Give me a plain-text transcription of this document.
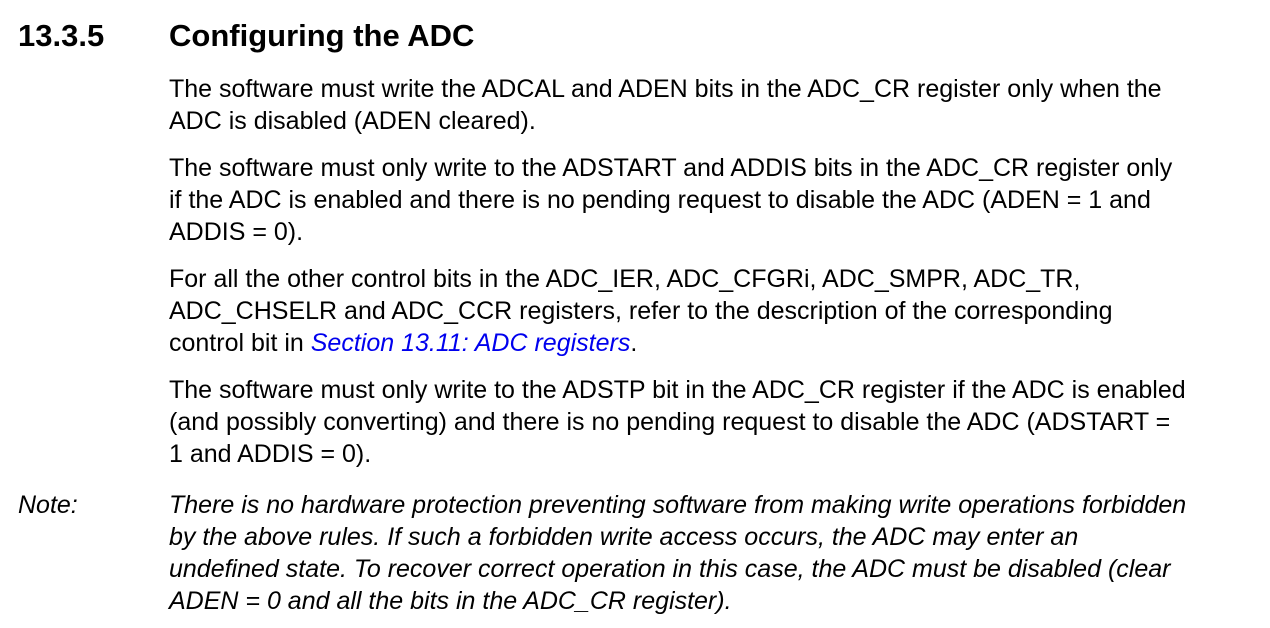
13.3.5 Configuring the ADC

The software must write the ADCAL and ADEN bits in the ADC_CR register only when the
ADC is disabled (ADEN cleared).

The software must only write to the ADSTART and ADDIS bits in the ADC_CR register only
if the ADC is enabled and there is no pending request to disable the ADC (ADEN = 1 and
ADDIS = 0).

For all the other control bits in the ADC_IER, ADC_CFGRi, ADC_SMPR, ADC_TR,
ADC_CHSELR and ADC_CCR registers, refer to the description of the corresponding
control bit in Section 13.11: ADC registers.

The software must only write to the ADSTP bit in the ADC_CR register if the ADC is enabled
(and possibly converting) and there is no pending request to disable the ADC (ADSTART =
1 and ADDIS = 0).

Note:	There is no hardware protection preventing software from making write operations forbidden
by the above rules. If such a forbidden write access occurs, the ADC may enter an
undefined state. To recover correct operation in this case, the ADC must be disabled (clear
ADEN = 0 and all the bits in the ADC_CR register).
